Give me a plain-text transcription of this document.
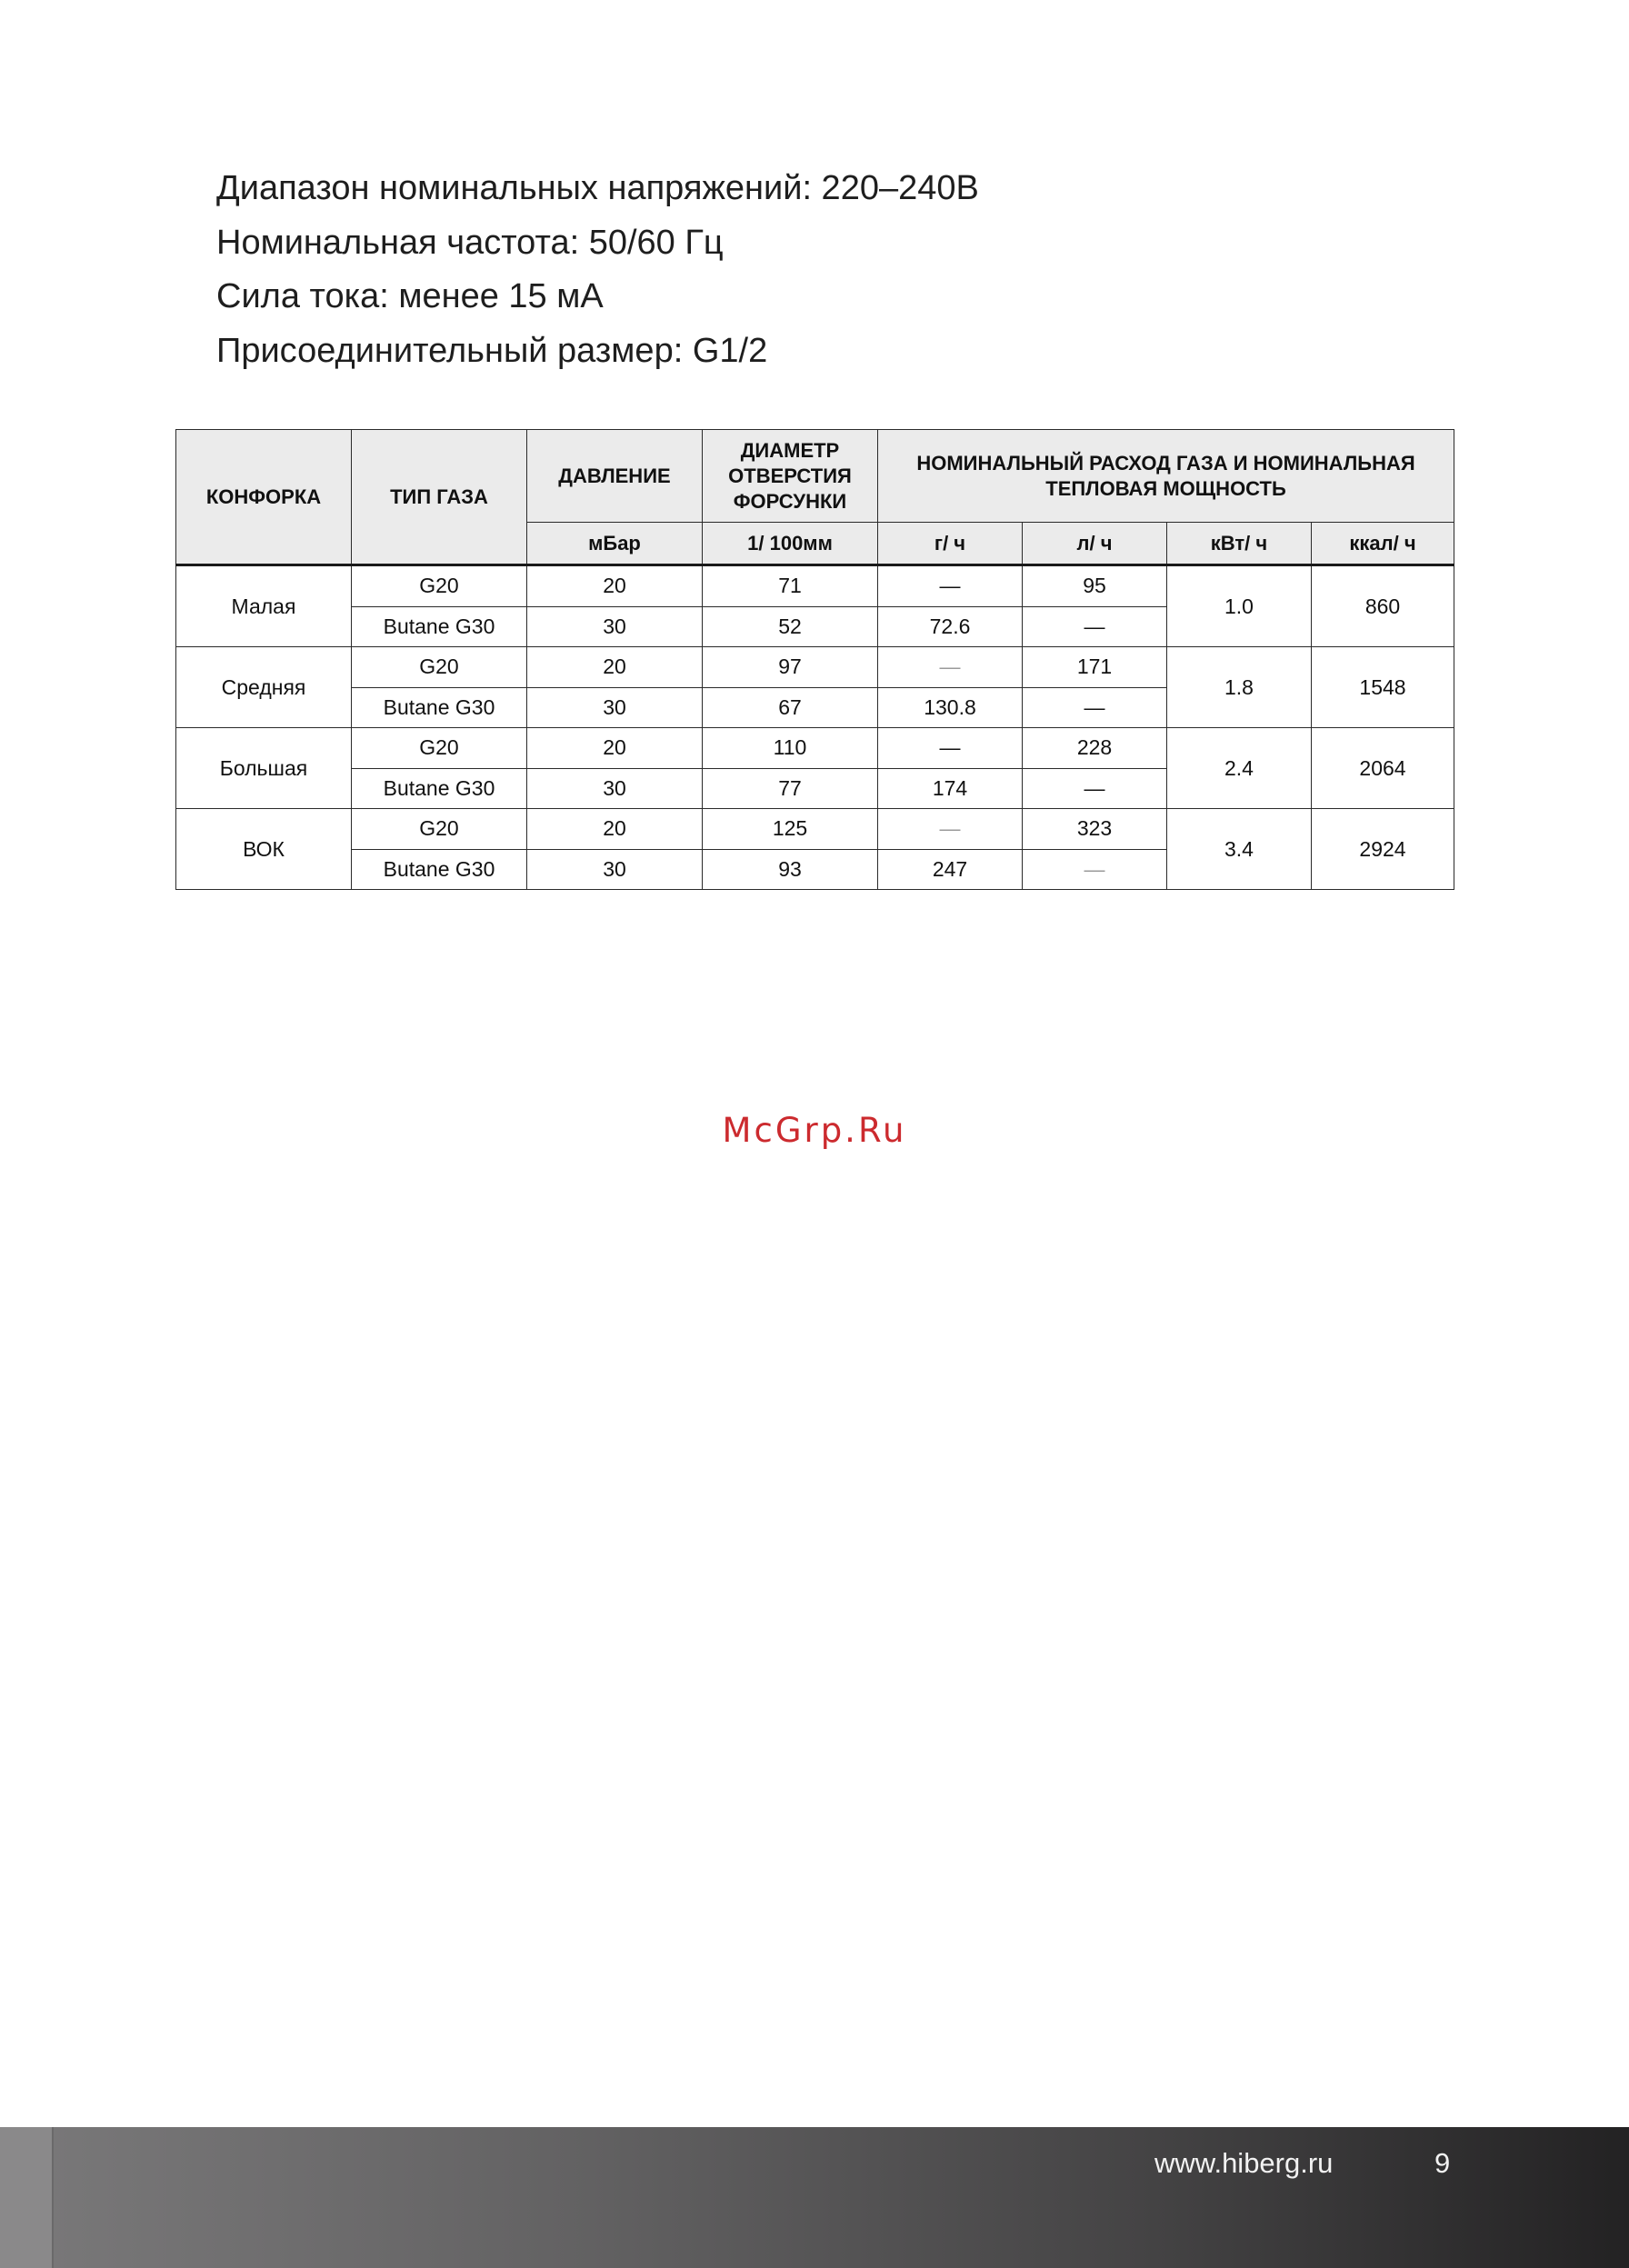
Диапазон номинальных напряжений: 220–240В
Номинальная частота: 50/60 Гц
Сила тока: менее 15 мА
Присоединительный размер: G1/2
КОНФОРКА	ТИП ГАЗА	ДАВЛЕНИЕ	ДИАМЕТР ОТВЕРСТИЯ ФОРСУНКИ	НОМИНАЛЬНЫЙ РАСХОД ГАЗА И НОМИНАЛЬНАЯ ТЕПЛОВАЯ МОЩНОСТЬ			
		мБар	1/ 100мм	г/ ч	л/ ч	кВт/ ч	ккал/ ч
Малая	G20	20	71	—	95	1.0	860
	Butane G30	30	52	72.6	—		
Средняя	G20	20	97	—	171	1.8	1548
	Butane G30	30	67	130.8	—		
Большая	G20	20	110	—	228	2.4	2064
	Butane G30	30	77	174	—		
ВОК	G20	20	125	—	323	3.4	2924
	Butane G30	30	93	247	—		
McGrp.Ru
www.hiberg.ru	9
